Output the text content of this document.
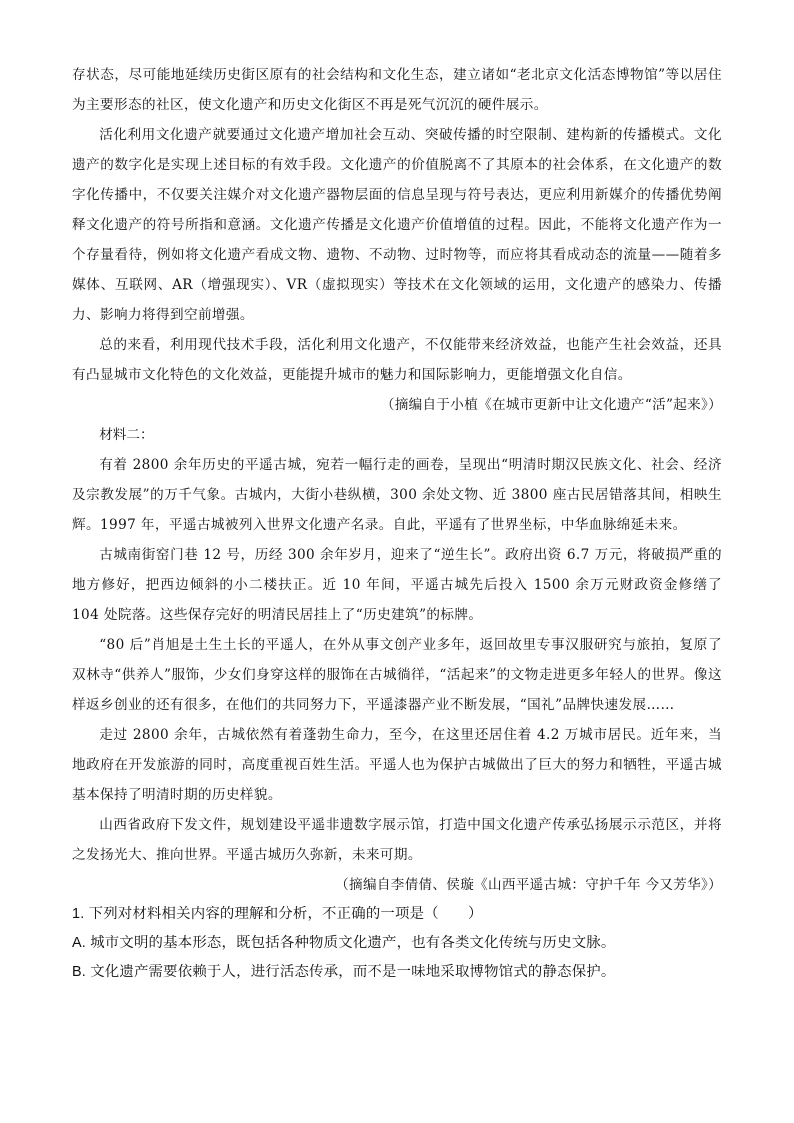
存状态，尽可能地延续历史街区原有的社会结构和文化生态，建立诸如“老北京文化活态博物馆”等以居住为主要形态的社区，使文化遗产和历史文化街区不再是死气沉沉的硬件展示。

活化利用文化遗产就要通过文化遗产增加社会互动、突破传播的时空限制、建构新的传播模式。文化遗产的数字化是实现上述目标的有效手段。文化遗产的价值脱离不了其原本的社会体系，在文化遗产的数字化传播中，不仅要关注媒介对文化遗产器物层面的信息呈现与符号表达，更应利用新媒介的传播优势阐释文化遗产的符号所指和意涵。文化遗产传播是文化遗产价值增值的过程。因此，不能将文化遗产作为一个存量看待，例如将文化遗产看成文物、遗物、不动物、过时物等，而应将其看成动态的流量——随着多媒体、互联网、AR（增强现实）、VR（虚拟现实）等技术在文化领域的运用，文化遗产的感染力、传播力、影响力将得到空前增强。

总的来看，利用现代技术手段，活化利用文化遗产，不仅能带来经济效益，也能产生社会效益，还具有凸显城市文化特色的文化效益，更能提升城市的魅力和国际影响力，更能增强文化自信。

（摘编自于小植《在城市更新中让文化遗产“活”起来》）

材料二：

有着 2800 余年历史的平遥古城，宛若一幅行走的画卷，呈现出“明清时期汉民族文化、社会、经济及宗教发展”的万千气象。古城内，大街小巷纵横，300 余处文物、近 3800 座古民居错落其间，相映生辉。1997 年，平遥古城被列入世界文化遗产名录。自此，平遥有了世界坐标，中华血脉绵延未来。

古城南街窑门巷 12 号，历经 300 余年岁月，迎来了“逆生长”。政府出资 6.7 万元，将破损严重的地方修好，把西边倾斜的小二楼扶正。近 10 年间，平遥古城先后投入 1500 余万元财政资金修缮了 104 处院落。这些保存完好的明清民居挂上了“历史建筑”的标牌。

“80 后”肖旭是土生土长的平遥人，在外从事文创产业多年，返回故里专事汉服研究与旅拍，复原了双林寺“供养人”服饰，少女们身穿这样的服饰在古城徜徉，“活起来”的文物走进更多年轻人的世界。像这样返乡创业的还有很多，在他们的共同努力下，平遥漆器产业不断发展，“国礼”品牌快速发展……

走过 2800 余年，古城依然有着蓬勃生命力，至今，在这里还居住着 4.2 万城市居民。近年来，当地政府在开发旅游的同时，高度重视百姓生活。平遥人也为保护古城做出了巨大的努力和牺牲，平遥古城基本保持了明清时期的历史样貌。

山西省政府下发文件，规划建设平遥非遗数字展示馆，打造中国文化遗产传承弘扬展示示范区，并将之发扬光大、推向世界。平遥古城历久弥新，未来可期。

（摘编自李倩倩、侯璇《山西平遥古城：守护千年 今又芳华》）

1. 下列对材料相关内容的理解和分析，不正确的一项是（　　）

A. 城市文明的基本形态，既包括各种物质文化遗产，也有各类文化传统与历史文脉。

B. 文化遗产需要依赖于人，进行活态传承，而不是一味地采取博物馆式的静态保护。
